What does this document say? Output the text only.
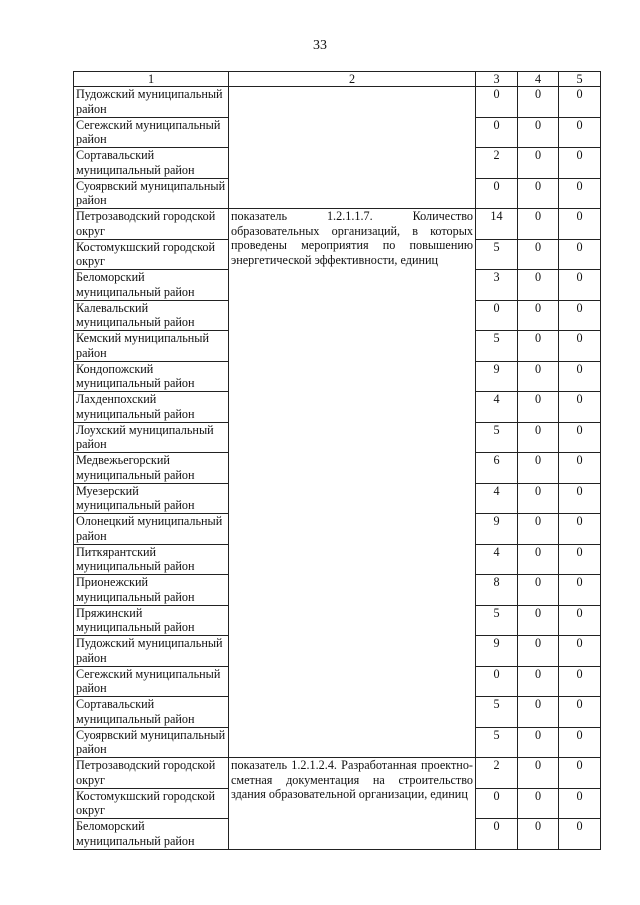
33
1	2	3	4	5
Пудожский муниципальный район		0	0	0
Сегежский муниципальный район		0	0	0
Сортавальский муниципальный район		2	0	0
Суоярвский муниципальный район		0	0	0
Петрозаводский городской округ	показатель 1.2.1.1.7. Количество образовательных организаций, в которых проведены мероприятия по повышению энергетической эффективности, единиц	14	0	0
Костомукшский городской округ		5	0	0
Беломорский муниципальный район		3	0	0
Калевальский муниципальный район		0	0	0
Кемский муниципальный район		5	0	0
Кондопожский муниципальный район		9	0	0
Лахденпохский муниципальный район		4	0	0
Лоухский муниципальный район		5	0	0
Медвежьегорский муниципальный район		6	0	0
Муезерский муниципальный район		4	0	0
Олонецкий муниципальный район		9	0	0
Питкярантский муниципальный район		4	0	0
Прионежский муниципальный район		8	0	0
Пряжинский муниципальный район		5	0	0
Пудожский муниципальный район		9	0	0
Сегежский муниципальный район		0	0	0
Сортавальский муниципальный район		5	0	0
Суоярвский муниципальный район		5	0	0
Петрозаводский городской округ	показатель 1.2.1.2.4. Разработанная проектно-сметная документация на строительство здания образовательной организации, единиц	2	0	0
Костомукшский городской округ		0	0	0
Беломорский муниципальный район		0	0	0
